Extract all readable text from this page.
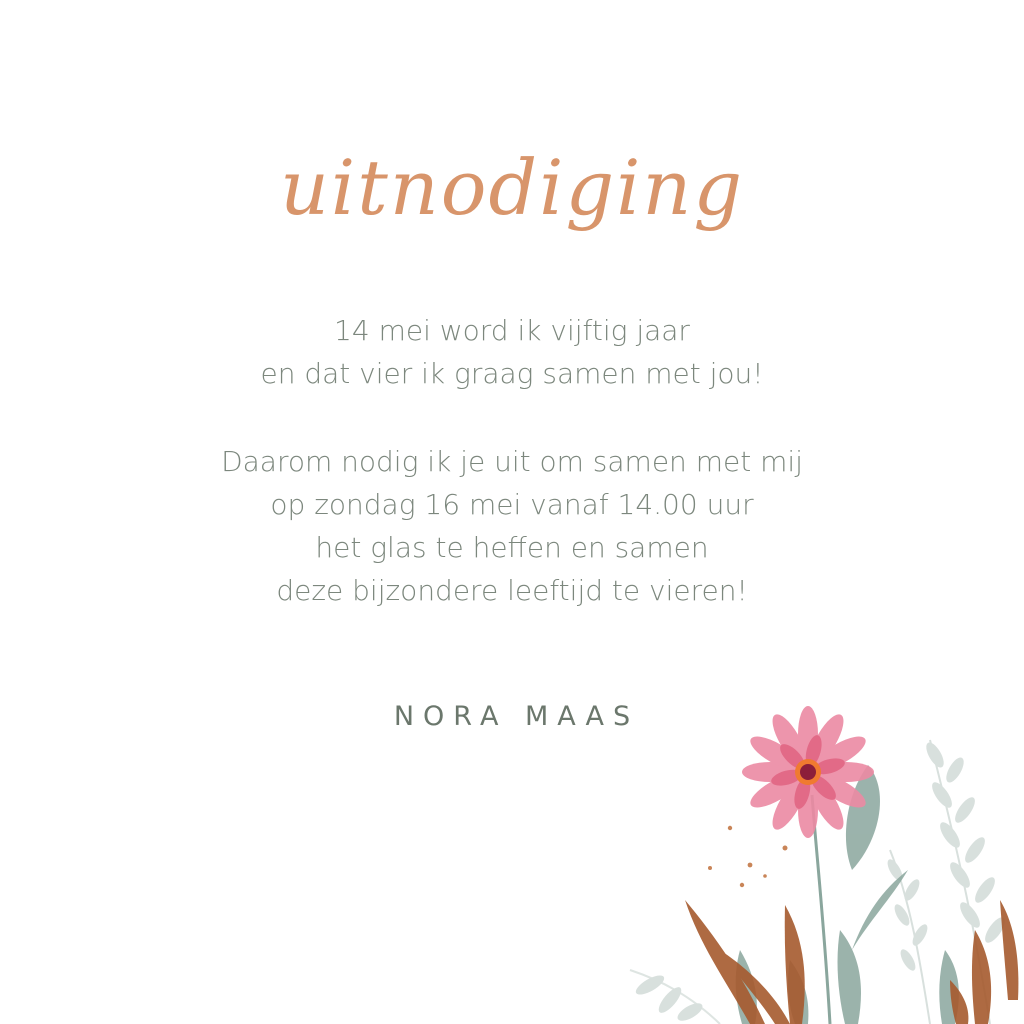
uitnodiging
14 mei word ik vijftig jaar
en dat vier ik graag samen met jou!
Daarom nodig ik je uit om samen met mij
op zondag 16 mei vanaf 14.00 uur
het glas te heffen en samen
deze bijzondere leeftijd te vieren!
NORA MAAS
